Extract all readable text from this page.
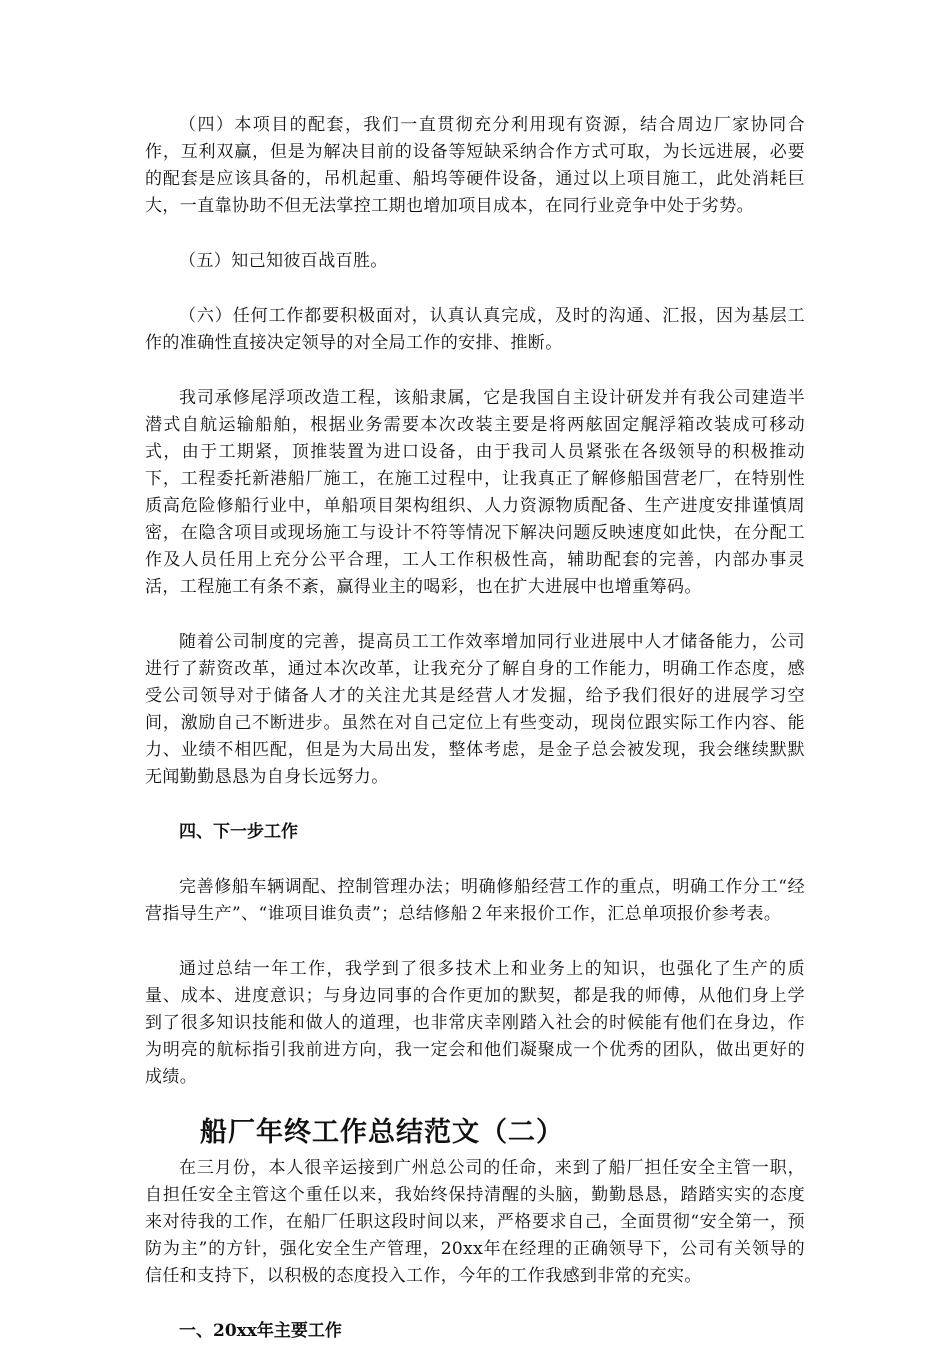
（四）本项目的配套，我们一直贯彻充分利用现有资源，结合周边厂家协同合作，互利双赢，但是为解决目前的设备等短缺采纳合作方式可取，为长远进展，必要的配套是应该具备的，吊机起重、船坞等硬件设备，通过以上项目施工，此处消耗巨大，一直靠协助不但无法掌控工期也增加项目成本，在同行业竞争中处于劣势。

（五）知己知彼百战百胜。

（六）任何工作都要积极面对，认真认真完成，及时的沟通、汇报，因为基层工作的准确性直接决定领导的对全局工作的安排、推断。

我司承修尾浮项改造工程，该船隶属，它是我国自主设计研发并有我公司建造半潜式自航运输船舶，根据业务需要本次改装主要是将两舷固定艉浮箱改装成可移动式，由于工期紧，顶推装置为进口设备，由于我司人员紧张在各级领导的积极推动下，工程委托新港船厂施工，在施工过程中，让我真正了解修船国营老厂，在特别性质高危险修船行业中，单船项目架构组织、人力资源物质配备、生产进度安排谨慎周密，在隐含项目或现场施工与设计不符等情况下解决问题反映速度如此快，在分配工作及人员任用上充分公平合理，工人工作积极性高，辅助配套的完善，内部办事灵活，工程施工有条不紊，赢得业主的喝彩，也在扩大进展中也增重筹码。

随着公司制度的完善，提高员工工作效率增加同行业进展中人才储备能力，公司进行了薪资改革，通过本次改革，让我充分了解自身的工作能力，明确工作态度，感受公司领导对于储备人才的关注尤其是经营人才发掘，给予我们很好的进展学习空间，激励自己不断进步。虽然在对自己定位上有些变动，现岗位跟实际工作内容、能力、业绩不相匹配，但是为大局出发，整体考虑，是金子总会被发现，我会继续默默无闻勤勤恳恳为自身长远努力。

四、下一步工作

完善修船车辆调配、控制管理办法；明确修船经营工作的重点，明确工作分工“经营指导生产”、“谁项目谁负责”；总结修船２年来报价工作，汇总单项报价参考表。

通过总结一年工作，我学到了很多技术上和业务上的知识，也强化了生产的质量、成本、进度意识；与身边同事的合作更加的默契，都是我的师傅，从他们身上学到了很多知识技能和做人的道理，也非常庆幸刚踏入社会的时候能有他们在身边，作为明亮的航标指引我前进方向，我一定会和他们凝聚成一个优秀的团队，做出更好的成绩。

船厂年终工作总结范文（二）

在三月份，本人很辛运接到广州总公司的任命，来到了船厂担任安全主管一职，自担任安全主管这个重任以来，我始终保持清醒的头脑，勤勤恳恳，踏踏实实的态度来对待我的工作，在船厂任职这段时间以来，严格要求自己，全面贯彻“安全第一，预防为主”的方针，强化安全生产管理，20xx年在经理的正确领导下，公司有关领导的信任和支持下，以积极的态度投入工作，今年的工作我感到非常的充实。

一、20xx年主要工作
